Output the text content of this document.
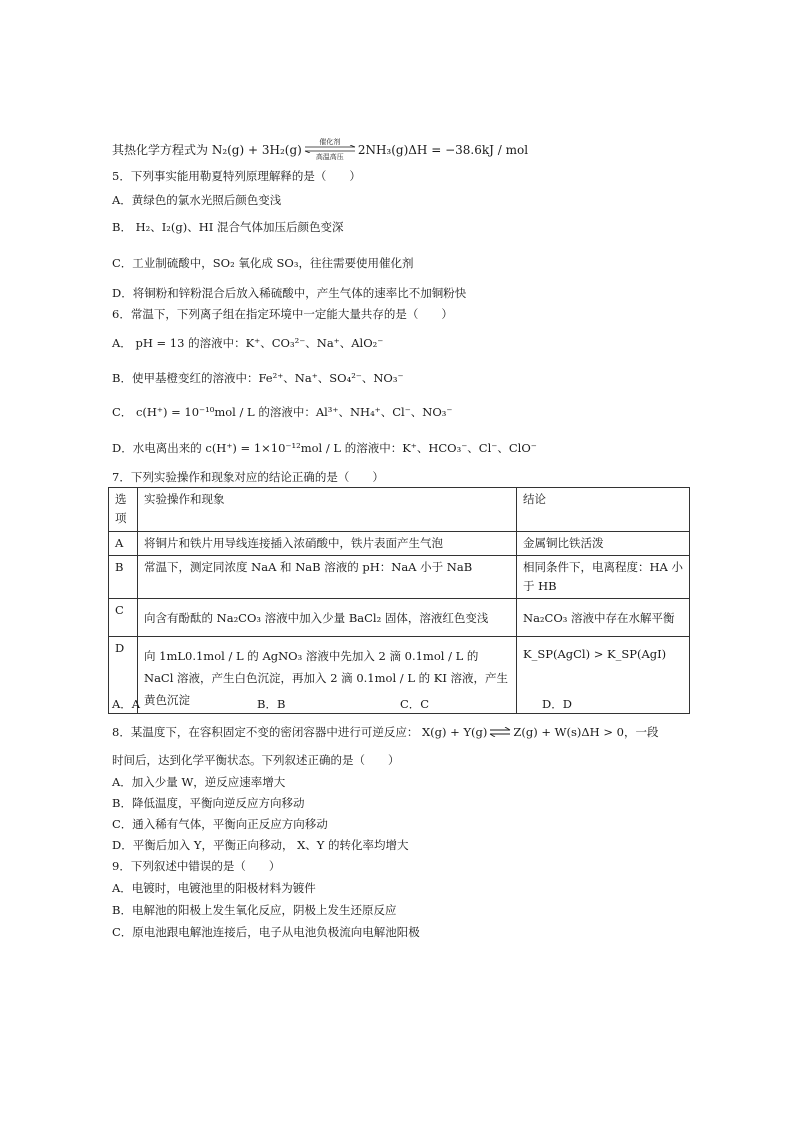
其热化学方程式为 N₂(g) + 3H₂(g)
催化剂
高温高压	2NH₃(g)ΔH = −38.6kJ / mol
5．下列事实能用勒夏特列原理解释的是（　　）
A．黄绿色的氯水光照后颜色变浅
B． H₂、I₂(g)、HI 混合气体加压后颜色变深
C．工业制硫酸中，SO₂ 氧化成 SO₃，往往需要使用催化剂
D．将铜粉和锌粉混合后放入稀硫酸中，产生气体的速率比不加铜粉快
6．常温下，下列离子组在指定环境中一定能大量共存的是（　　）
A． pH = 13 的溶液中：K⁺、CO₃²⁻、Na⁺、AlO₂⁻
B．使甲基橙变红的溶液中：Fe²⁺、Na⁺、SO₄²⁻、NO₃⁻
C． c(H⁺) = 10⁻¹⁰mol / L 的溶液中：Al³⁺、NH₄⁺、Cl⁻、NO₃⁻
D．水电离出来的 c(H⁺) = 1×10⁻¹²mol / L 的溶液中：K⁺、HCO₃⁻、Cl⁻、ClO⁻
7．下列实验操作和现象对应的结论正确的是（　　）
选项	实验操作和现象	结论
A	将铜片和铁片用导线连接插入浓硝酸中，铁片表面产生气泡	金属铜比铁活泼
B	常温下，测定同浓度 NaA 和 NaB 溶液的 pH：NaA 小于 NaB	相同条件下，电离程度：HA 小于 HB
C	向含有酚酞的 Na₂CO₃ 溶液中加入少量 BaCl₂ 固体，溶液红色变浅	Na₂CO₃ 溶液中存在水解平衡
D	向 1mL0.1mol / L 的 AgNO₃ 溶液中先加入 2 滴 0.1mol / L 的 NaCl 溶液，产生白色沉淀，再加入 2 滴 0.1mol / L 的 KI 溶液，产生黄色沉淀	K_SP(AgCl) > K_SP(AgI)
A．A	B．B	C．C	D．D
8．某温度下，在容积固定不变的密闭容器中进行可逆反应： X(g) + Y(g) ⇌ Z(g) + W(s)ΔH > 0，一段
时间后，达到化学平衡状态。下列叙述正确的是（　　）
A．加入少量 W，逆反应速率增大
B．降低温度，平衡向逆反应方向移动
C．通入稀有气体，平衡向正反应方向移动
D．平衡后加入 Y，平衡正向移动， X、Y 的转化率均增大
9．下列叙述中错误的是（　　）
A．电镀时，电镀池里的阳极材料为镀件
B．电解池的阳极上发生氧化反应，阴极上发生还原反应
C．原电池跟电解池连接后，电子从电池负极流向电解池阳极
